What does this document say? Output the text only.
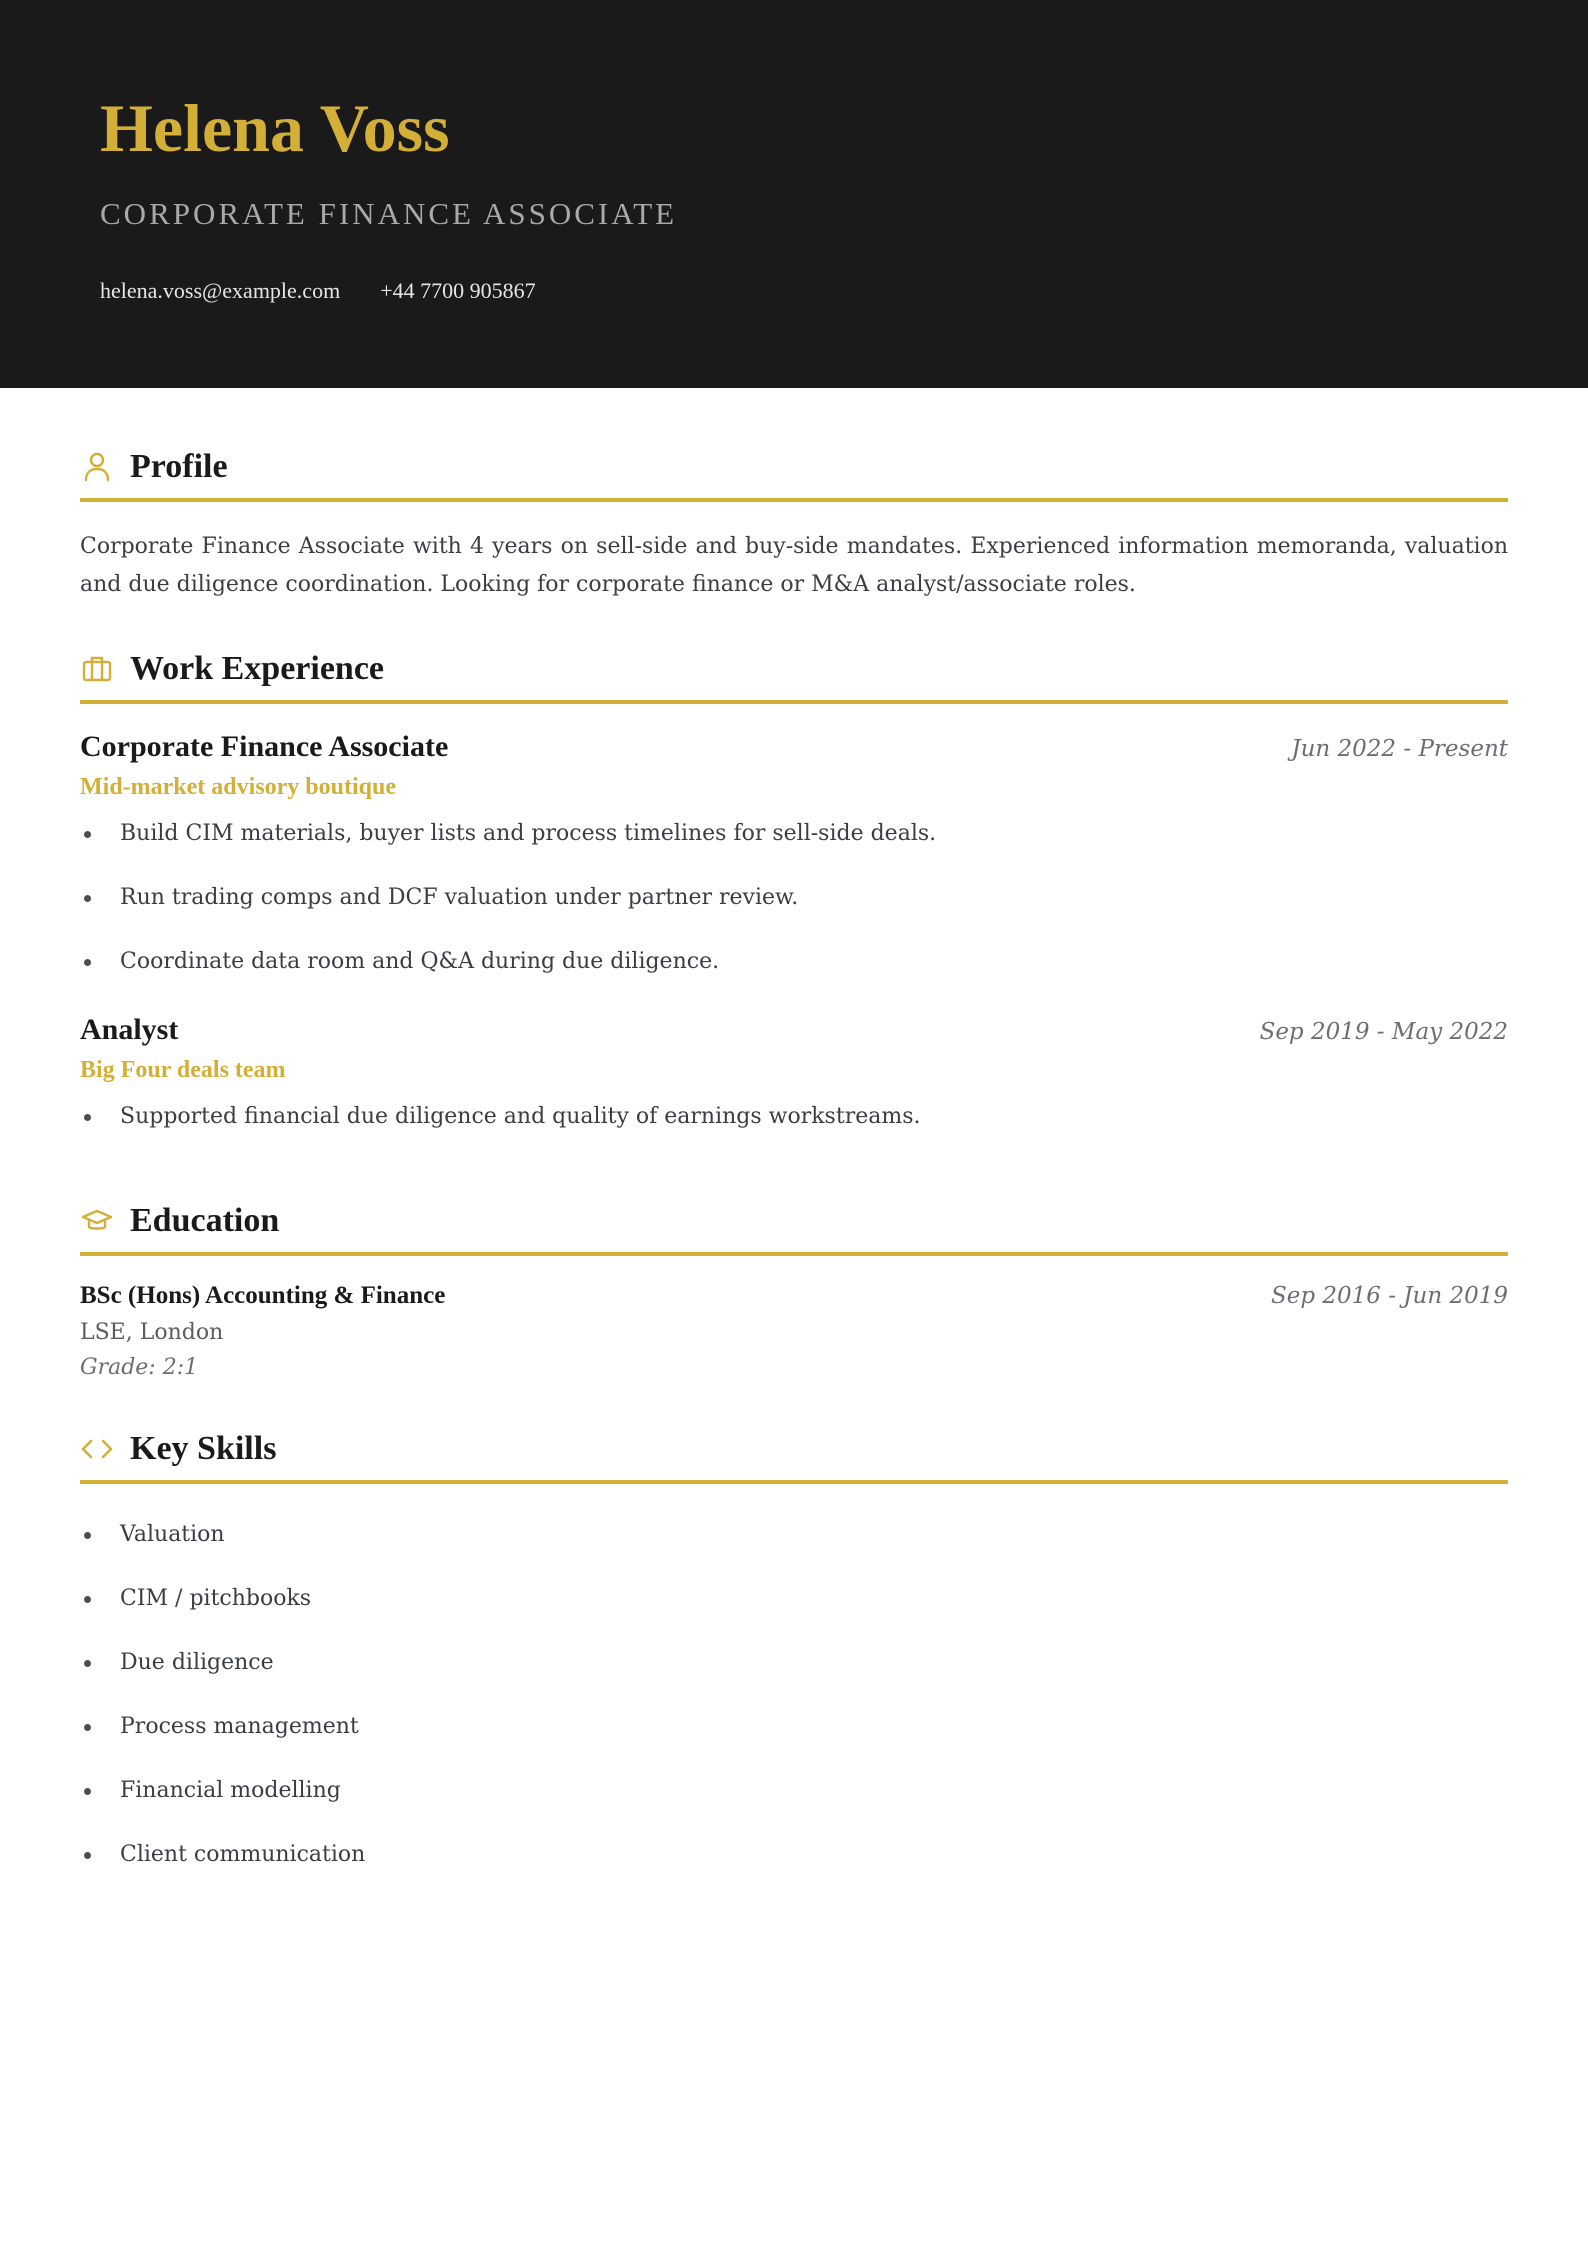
Helena Voss
CORPORATE FINANCE ASSOCIATE
helena.voss@example.com +44 7700 905867
Profile
Corporate Finance Associate with 4 years on sell-side and buy-side mandates. Experienced information memoranda, valuation and due diligence coordination. Looking for corporate finance or M&A analyst/associate roles.
Work Experience
Corporate Finance Associate	Jun 2022 - Present
Mid-market advisory boutique
Build CIM materials, buyer lists and process timelines for sell-side deals.
Run trading comps and DCF valuation under partner review.
Coordinate data room and Q&A during due diligence.
Analyst	Sep 2019 - May 2022
Big Four deals team
Supported financial due diligence and quality of earnings workstreams.
Education
BSc (Hons) Accounting & Finance	Sep 2016 - Jun 2019
LSE, London
Grade: 2:1
Key Skills
Valuation
CIM / pitchbooks
Due diligence
Process management
Financial modelling
Client communication
